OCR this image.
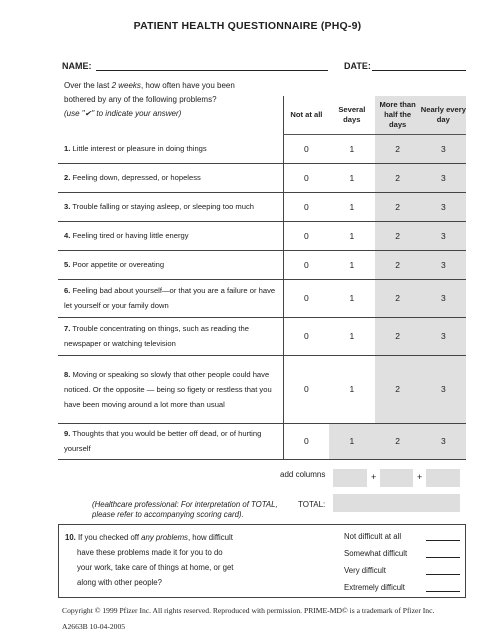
PATIENT HEALTH QUESTIONNAIRE (PHQ-9)
NAME:	DATE:
Over the last 2 weeks, how often have you been
bothered by any of the following problems?
(use "✔" to indicate your answer)
		Not at all	Several days	More than half the days	Nearly every day
1. Little interest or pleasure in doing things	0	1	2	3
2. Feeling down, depressed, or hopeless	0	1	2	3
3. Trouble falling or staying asleep, or sleeping too much	0	1	2	3
4. Feeling tired or having little energy	0	1	2	3
5. Poor appetite or overeating	0	1	2	3
6. Feeling bad about yourself—or that you are a failure or have let yourself or your family down	0	1	2	3
7. Trouble concentrating on things, such as reading the newspaper or watching television	0	1	2	3
8. Moving or speaking so slowly that other people could have noticed. Or the opposite — being so figety or restless that you have been moving around a lot more than usual	0	1	2	3
9. Thoughts that you would be better off dead, or of hurting yourself	0	1	2	3
add columns	+	+
(Healthcare professional: For interpretation of TOTAL,
please refer to accompanying scoring card).
TOTAL:
10. If you checked off any problems, how difficult
have these problems made it for you to do
your work, take care of things at home, or get
along with other people?
Not difficult at all
Somewhat difficult
Very difficult
Extremely difficult
Copyright © 1999 Pfizer Inc. All rights reserved. Reproduced with permission. PRIME-MD© is a trademark of Pfizer Inc.
A2663B 10-04-2005
